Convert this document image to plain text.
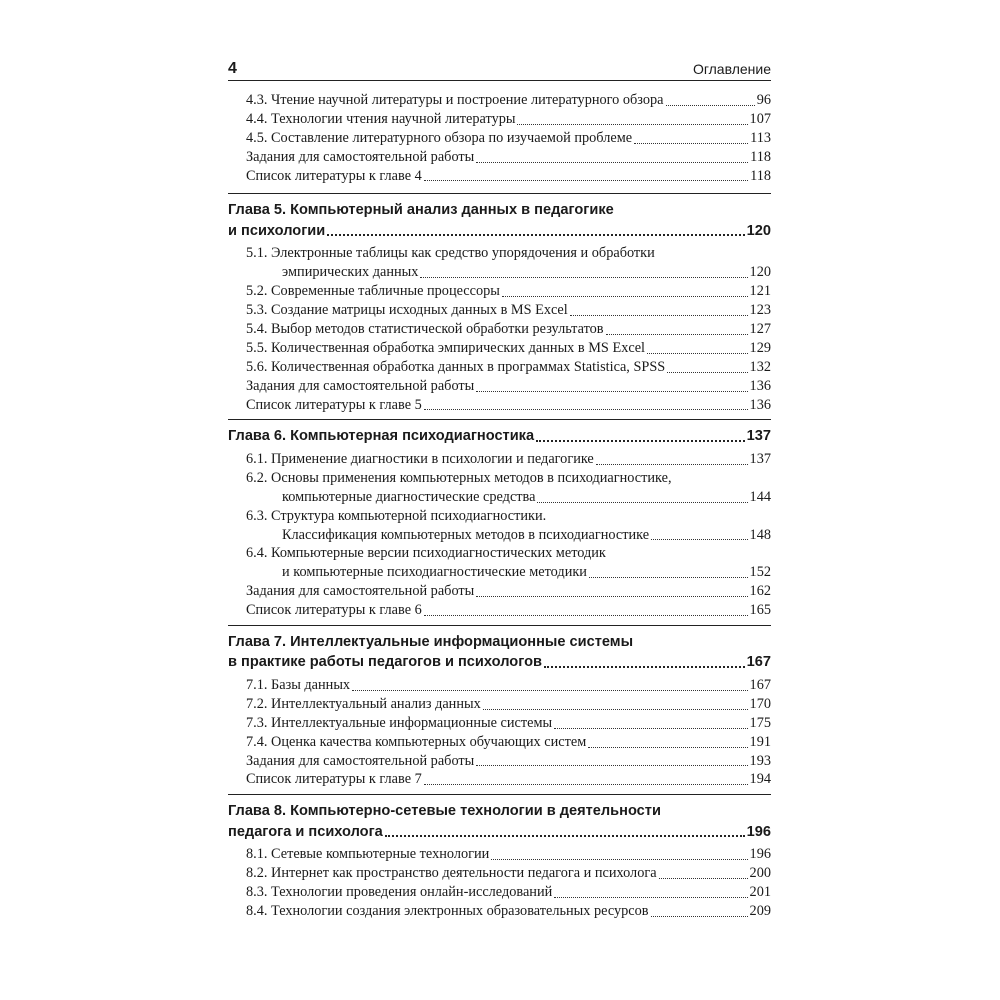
4	Оглавление
4.3. Чтение научной литературы и построение литературного обзора	96
4.4. Технологии чтения научной литературы	107
4.5. Составление литературного обзора по изучаемой проблеме	113
Задания для самостоятельной работы	118
Список литературы к главе 4	118
Глава 5. Компьютерный анализ данных в педагогике
и психологии	120
5.1. Электронные таблицы как средство упорядочения и обработки
эмпирических данных	120
5.2. Современные табличные процессоры	121
5.3. Создание матрицы исходных данных в MS Excel	123
5.4. Выбор методов статистической обработки результатов	127
5.5. Количественная обработка эмпирических данных в MS Excel	129
5.6. Количественная обработка данных в программах Statistica, SPSS	132
Задания для самостоятельной работы	136
Список литературы к главе 5	136
Глава 6. Компьютерная психодиагностика	137
6.1. Применение диагностики в психологии и педагогике	137
6.2. Основы применения компьютерных методов в психодиагностике,
компьютерные диагностические средства	144
6.3. Структура компьютерной психодиагностики.
Классификация компьютерных методов в психодиагностике	148
6.4. Компьютерные версии психодиагностических методик
и компьютерные психодиагностические методики	152
Задания для самостоятельной работы	162
Список литературы к главе 6	165
Глава 7. Интеллектуальные информационные системы
в практике работы педагогов и психологов	167
7.1. Базы данных	167
7.2. Интеллектуальный анализ данных	170
7.3. Интеллектуальные информационные системы	175
7.4. Оценка качества компьютерных обучающих систем	191
Задания для самостоятельной работы	193
Список литературы к главе 7	194
Глава 8. Компьютерно-сетевые технологии в деятельности
педагога и психолога	196
8.1. Сетевые компьютерные технологии	196
8.2. Интернет как пространство деятельности педагога и психолога	200
8.3. Технологии проведения онлайн-исследований	201
8.4. Технологии создания электронных образовательных ресурсов	209
